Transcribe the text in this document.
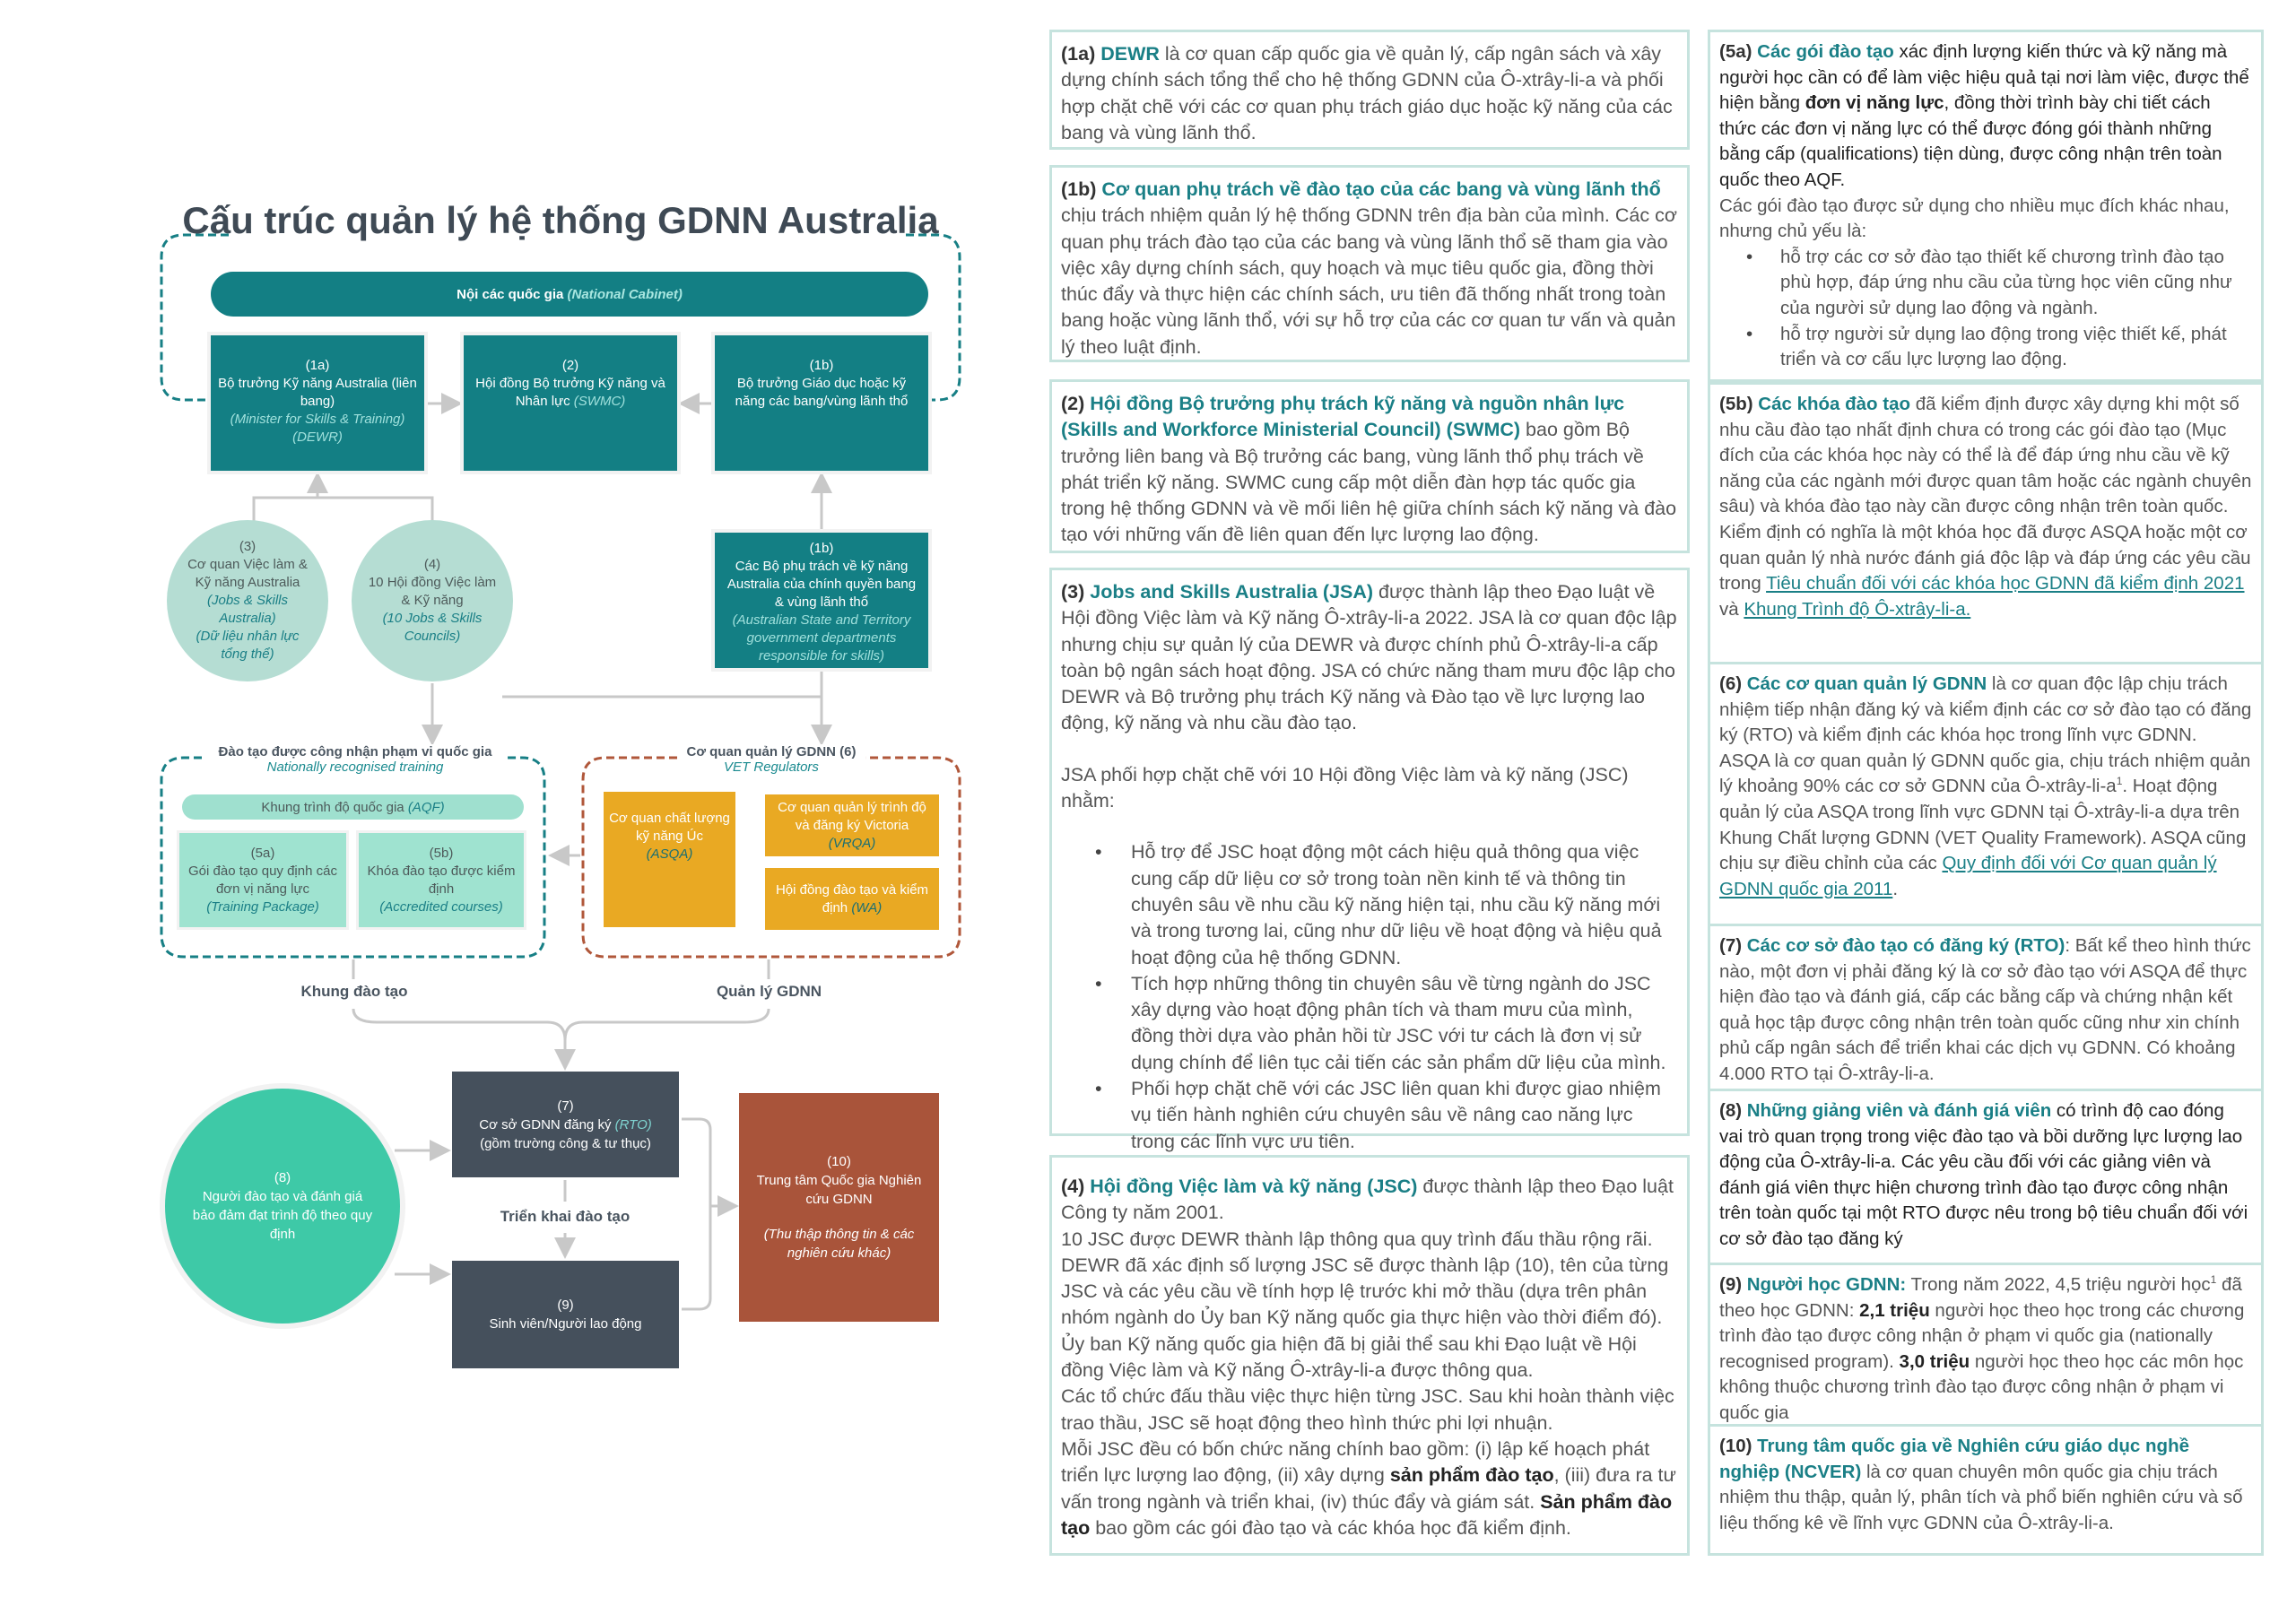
Cấu trúc quản lý hệ thống GDNN Australia
Nội các quốc gia (National Cabinet)
(1a)
Bộ trưởng Kỹ năng Australia (liên bang)
(Minister for Skills & Training) (DEWR)
(2)
Hội đồng Bộ trưởng Kỹ năng và Nhân lực (SWMC)
(1b)
Bộ trưởng Giáo dục hoặc kỹ năng các bang/vùng lãnh thổ
(3)
Cơ quan Việc làm & Kỹ năng Australia
(Jobs & Skills Australia)
(Dữ liệu nhân lực tổng thể)
(4)
10 Hội đồng Việc làm & Kỹ năng
(10 Jobs & Skills Councils)
(1b)
Các Bộ phụ trách về kỹ năng Australia của chính quyền bang & vùng lãnh thổ
(Australian State and Territory government departments responsible for skills)
Đào tạo được công nhận phạm vi quốc gia
Nationally recognised training
Khung trình độ quốc gia (AQF)
(5a)
Gói đào tạo quy định các đơn vị năng lực
(Training Package)
(5b)
Khóa đào tạo được kiểm định
(Accredited courses)
Cơ quan quản lý GDNN (6)
VET Regulators
Cơ quan chất lượng kỹ năng Úc
(ASQA)
Cơ quan quản lý trình độ và đăng ký Victoria
(VRQA)
Hội đồng đào tạo và kiểm định (WA)
Khung đào tạo	Quản lý GDNN
Triển khai đào tạo
(7)
Cơ sở GDNN đăng ký (RTO)
(gồm trường công & tư thục)
(9)
Sinh viên/Người lao động
(8)
Người đào tạo và đánh giá bảo đảm đạt trình độ theo quy định
(10)
Trung tâm Quốc gia Nghiên cứu GDNN
(Thu thập thông tin & các nghiên cứu khác)

(1a) DEWR là cơ quan cấp quốc gia về quản lý, cấp ngân sách và xây dựng chính sách tổng thể cho hệ thống GDNN của Ô-xtrây-li-a và phối hợp chặt chẽ với các cơ quan phụ trách giáo dục hoặc kỹ năng của các bang và vùng lãnh thổ.

(1b) Cơ quan phụ trách về đào tạo của các bang và vùng lãnh thổ chịu trách nhiệm quản lý hệ thống GDNN trên địa bàn của mình. Các cơ quan phụ trách đào tạo của các bang và vùng lãnh thổ sẽ tham gia vào việc xây dựng chính sách, quy hoạch và mục tiêu quốc gia, đồng thời thúc đẩy và thực hiện các chính sách, ưu tiên đã thống nhất trong toàn bang hoặc vùng lãnh thổ, với sự hỗ trợ của các cơ quan tư vấn và quản lý theo luật định.

(2) Hội đồng Bộ trưởng phụ trách kỹ năng và nguồn nhân lực (Skills and Workforce Ministerial Council) (SWMC) bao gồm Bộ trưởng liên bang và Bộ trưởng các bang, vùng lãnh thổ phụ trách về phát triển kỹ năng. SWMC cung cấp một diễn đàn hợp tác quốc gia trong hệ thống GDNN và về mối liên hệ giữa chính sách kỹ năng và đào tạo với những vấn đề liên quan đến lực lượng lao động.

(3) Jobs and Skills Australia (JSA) được thành lập theo Đạo luật về Hội đồng Việc làm và Kỹ năng Ô-xtrây-li-a 2022. JSA là cơ quan độc lập nhưng chịu sự quản lý của DEWR và được chính phủ Ô-xtrây-li-a cấp toàn bộ ngân sách hoạt động. JSA có chức năng tham mưu độc lập cho DEWR và Bộ trưởng phụ trách Kỹ năng và Đào tạo về lực lượng lao động, kỹ năng và nhu cầu đào tạo.

JSA phối hợp chặt chẽ với 10 Hội đồng Việc làm và kỹ năng (JSC) nhằm:

• Hỗ trợ để JSC hoạt động một cách hiệu quả thông qua việc cung cấp dữ liệu cơ sở trong toàn nền kinh tế và thông tin chuyên sâu về nhu cầu kỹ năng hiện tại, nhu cầu kỹ năng mới và trong tương lai, cũng như dữ liệu về hoạt động và hiệu quả hoạt động của hệ thống GDNN.
• Tích hợp những thông tin chuyên sâu về từng ngành do JSC xây dựng vào hoạt động phân tích và tham mưu của mình, đồng thời dựa vào phản hồi từ JSC với tư cách là đơn vị sử dụng chính để liên tục cải tiến các sản phẩm dữ liệu của mình.
• Phối hợp chặt chẽ với các JSC liên quan khi được giao nhiệm vụ tiến hành nghiên cứu chuyên sâu về nâng cao năng lực trong các lĩnh vực ưu tiên.

(4) Hội đồng Việc làm và kỹ năng (JSC) được thành lập theo Đạo luật Công ty năm 2001.

10 JSC được DEWR thành lập thông qua quy trình đấu thầu rộng rãi. DEWR đã xác định số lượng JSC sẽ được thành lập (10), tên của từng JSC và các yêu cầu về tính hợp lệ trước khi mở thầu (dựa trên phân nhóm ngành do Ủy ban Kỹ năng quốc gia thực hiện vào thời điểm đó). Ủy ban Kỹ năng quốc gia hiện đã bị giải thể sau khi Đạo luật về Hội đồng Việc làm và Kỹ năng Ô-xtrây-li-a được thông qua.

Các tổ chức đấu thầu việc thực hiện từng JSC. Sau khi hoàn thành việc trao thầu, JSC sẽ hoạt động theo hình thức phi lợi nhuận.

Mỗi JSC đều có bốn chức năng chính bao gồm: (i) lập kế hoạch phát triển lực lượng lao động, (ii) xây dựng sản phẩm đào tạo, (iii) đưa ra tư vấn trong ngành và triển khai, (iv) thúc đẩy và giám sát. Sản phẩm đào tạo bao gồm các gói đào tạo và các khóa học đã kiểm định.

(5a) Các gói đào tạo xác định lượng kiến thức và kỹ năng mà người học cần có để làm việc hiệu quả tại nơi làm việc, được thể hiện bằng đơn vị năng lực, đồng thời trình bày chi tiết cách thức các đơn vị năng lực có thể được đóng gói thành những bằng cấp (qualifications) tiện dùng, được công nhận trên toàn quốc theo AQF.

Các gói đào tạo được sử dụng cho nhiều mục đích khác nhau, nhưng chủ yếu là:

• hỗ trợ các cơ sở đào tạo thiết kế chương trình đào tạo phù hợp, đáp ứng nhu cầu của từng học viên cũng như của người sử dụng lao động và ngành.
• hỗ trợ người sử dụng lao động trong việc thiết kế, phát triển và cơ cấu lực lượng lao động.

(5b) Các khóa đào tạo đã kiểm định được xây dựng khi một số nhu cầu đào tạo nhất định chưa có trong các gói đào tạo (Mục đích của các khóa học này có thể là để đáp ứng nhu cầu về kỹ năng của các ngành mới được quan tâm hoặc các ngành chuyên sâu) và khóa đào tạo này cần được công nhận trên toàn quốc.

Kiểm định có nghĩa là một khóa học đã được ASQA hoặc một cơ quan quản lý nhà nước đánh giá độc lập và đáp ứng các yêu cầu trong Tiêu chuẩn đối với các khóa học GDNN đã kiểm định 2021 và Khung Trình độ Ô-xtrây-li-a.

(6) Các cơ quan quản lý GDNN là cơ quan độc lập chịu trách nhiệm tiếp nhận đăng ký và kiểm định các cơ sở đào tạo có đăng ký (RTO) và kiểm định các khóa học trong lĩnh vực GDNN.

ASQA là cơ quan quản lý GDNN quốc gia, chịu trách nhiệm quản lý khoảng 90% các cơ sở GDNN của $Ô-xtrây-li-a^1$. Hoạt động quản lý của ASQA trong lĩnh vực GDNN tại Ô-xtrây-li-a dựa trên Khung Chất lượng GDNN (VET Quality Framework). ASQA cũng chịu sự điều chỉnh của các Quy định đối với Cơ quan quản lý GDNN quốc gia 2011.

(7) Các cơ sở đào tạo có đăng ký (RTO): Bất kể theo hình thức nào, một đơn vị phải đăng ký là cơ sở đào tạo với ASQA để thực hiện đào tạo và đánh giá, cấp các bằng cấp và chứng nhận kết quả học tập được công nhận trên toàn quốc cũng như xin chính phủ cấp ngân sách để triển khai các dịch vụ GDNN. Có khoảng 4.000 RTO tại Ô-xtrây-li-a.

(8) Những giảng viên và đánh giá viên có trình độ cao đóng vai trò quan trọng trong việc đào tạo và bồi dưỡng lực lượng lao động của Ô-xtrây-li-a. Các yêu cầu đối với các giảng viên và đánh giá viên thực hiện chương trình đào tạo được công nhận trên toàn quốc tại một RTO được nêu trong bộ tiêu chuẩn đối với cơ sở đào tạo đăng ký

(9) Người học GDNN: Trong năm 2022, 4,5 triệu người học$^1$ đã theo học GDNN: 2,1 triệu người học theo học trong các chương trình đào tạo được công nhận ở phạm vi quốc gia (nationally recognised program). 3,0 triệu người học theo học các môn học không thuộc chương trình đào tạo được công nhận ở phạm vi quốc gia

(10) Trung tâm quốc gia về Nghiên cứu giáo dục nghề nghiệp (NCVER) là cơ quan chuyên môn quốc gia chịu trách nhiệm thu thập, quản lý, phân tích và phổ biến nghiên cứu và số liệu thống kê về lĩnh vực GDNN của Ô-xtrây-li-a.
